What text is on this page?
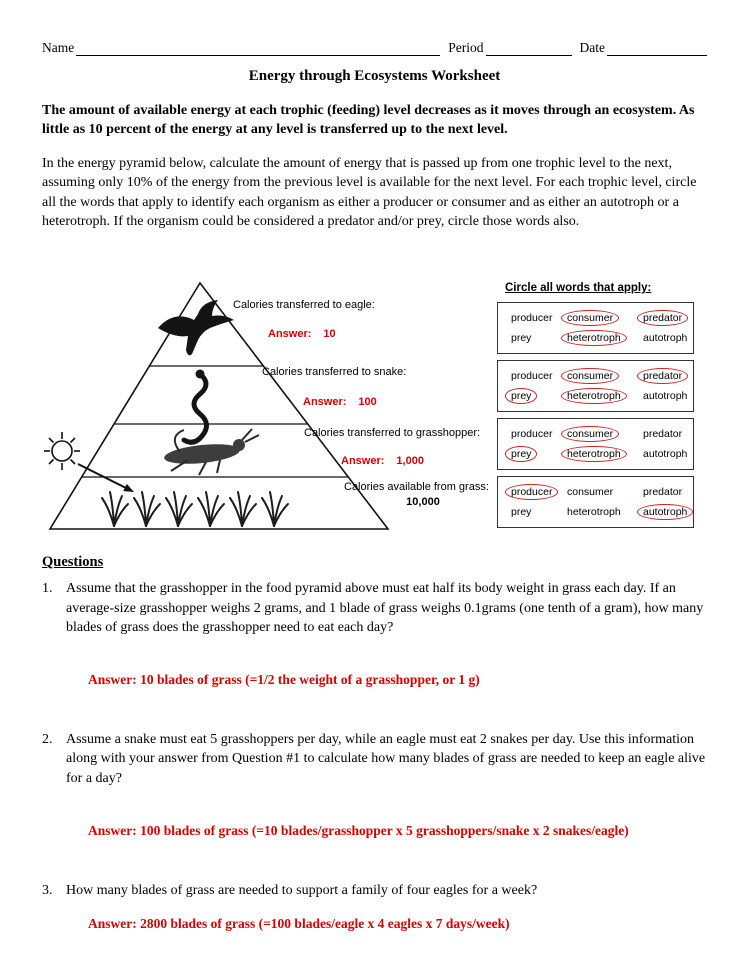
Name	Period	Date
Energy through Ecosystems Worksheet

The amount of available energy at each trophic (feeding) level decreases as it moves through an ecosystem. As little as 10 percent of the energy at any level is transferred up to the next level.

In the energy pyramid below, calculate the amount of energy that is passed up from one trophic level to the next, assuming only 10% of the energy from the previous level is available for the next level. For each trophic level, circle all the words that apply to identify each organism as either a producer or consumer and as either an autotroph or a heterotroph. If the organism could be considered a predator and/or prey, circle those words also.

Calories transferred to eagle:
Answer: 10
Calories transferred to snake:
Answer: 100
Calories transferred to grasshopper:
Answer: 1,000
Calories available from grass:
10,000
Circle all words that apply:
producer	consumer	predator
prey	heterotroph	autotroph
producer	consumer	predator
prey	heterotroph	autotroph
producer	consumer	predator
prey	heterotroph	autotroph
producer	consumer	predator
prey	heterotroph	autotroph
Questions
1. Assume that the grasshopper in the food pyramid above must eat half its body weight in grass each day. If an average-size grasshopper weighs 2 grams, and 1 blade of grass weighs 0.1grams (one tenth of a gram), how many blades of grass does the grasshopper need to eat each day?
Answer: 10 blades of grass (=1/2 the weight of a grasshopper, or 1 g)
2. Assume a snake must eat 5 grasshoppers per day, while an eagle must eat 2 snakes per day. Use this information along with your answer from Question #1 to calculate how many blades of grass are needed to keep an eagle alive for a day?
Answer: 100 blades of grass (=10 blades/grasshopper x 5 grasshoppers/snake x 2 snakes/eagle)
3. How many blades of grass are needed to support a family of four eagles for a week?
Answer: 2800 blades of grass (=100 blades/eagle x 4 eagles x 7 days/week)
